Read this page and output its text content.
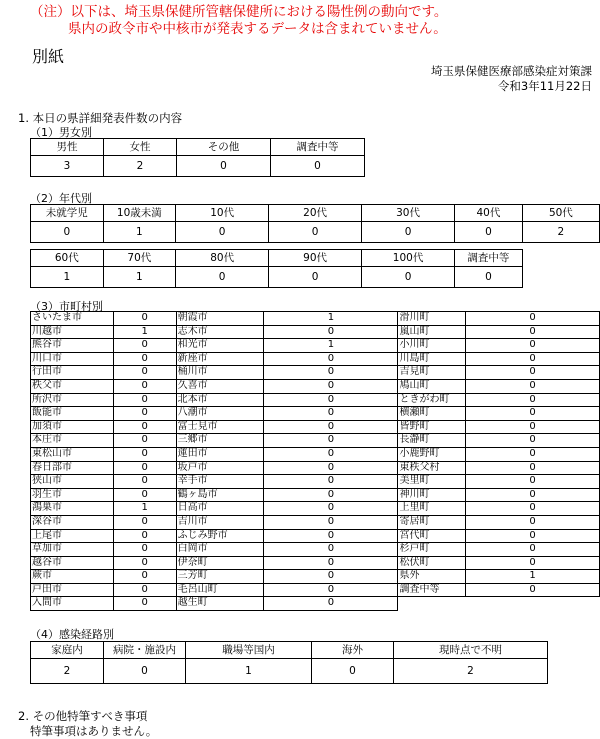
（注）以下は、埼玉県保健所管轄保健所における陽性例の動向です。
県内の政令市や中核市が発表するデータは含まれていません。
別紙
埼玉県保健医療部感染症対策課
令和3年11月22日
1. 本日の県詳細発表件数の内容
（1）男女別
男性	女性	その他	調査中等
3	2	0	0
（2）年代別
未就学児	10歳未満	10代	20代	30代	40代	50代
0	1	0	0	0	0	2

60代	70代	80代	90代	100代	調査中等	
1	1	0	0	0	0	
（3）市町村別
さいたま市	0	朝霞市	1	滑川町	0
川越市	1	志木市	0	嵐山町	0
熊谷市	0	和光市	1	小川町	0
川口市	0	新座市	0	川島町	0
行田市	0	桶川市	0	吉見町	0
秩父市	0	久喜市	0	鳩山町	0
所沢市	0	北本市	0	ときがわ町	0
飯能市	0	八潮市	0	横瀬町	0
加須市	0	富士見市	0	皆野町	0
本庄市	0	三郷市	0	長瀞町	0
東松山市	0	蓮田市	0	小鹿野町	0
春日部市	0	坂戸市	0	東秩父村	0
狭山市	0	幸手市	0	美里町	0
羽生市	0	鶴ヶ島市	0	神川町	0
鴻巣市	1	日高市	0	上里町	0
深谷市	0	吉川市	0	寄居町	0
上尾市	0	ふじみ野市	0	宮代町	0
草加市	0	白岡市	0	杉戸町	0
越谷市	0	伊奈町	0	松伏町	0
蕨市	0	三芳町	0	県外	1
戸田市	0	毛呂山町	0	調査中等	0
入間市	0	越生町	0		
（4）感染経路別
家庭内	病院・施設内	職場等国内	海外	現時点で不明
2	0	1	0	2
2. その他特筆すべき事項
特筆事項はありません。
